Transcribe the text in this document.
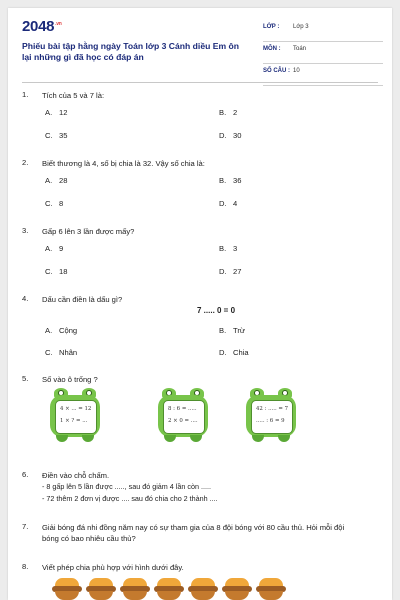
$2048^{.vn}$
Phiếu bài tập hằng ngày Toán lớp 3 Cánh diều Em ôn lại những gì đã học có đáp án
LỚP : Lớp 3
MÔN : Toán
SỐ CÂU : 10
1.	Tích của 5 và 7 là:
A. 12	B. 2
C. 35	D. 30
2.	Biết thương là 4, số bị chia là 32. Vậy số chia là:
A. 28	B. 36
C. 8	D. 4
3.	Gấp 6 lên 3 lần được mấy?
A. 9	B. 3
C. 18	D. 27
4.	Dấu cần điền là dấu gì?
7 ..... 0 = 0
A. Cộng	B. Trừ
C. Nhân	D. Chia
5.	Số vào ô trống ?
4 × ... = 12
1 × ? = ...
8 : 6 = .....
2 × 0 = ....
42 : ..... = 7
..... : 6 = 9
6.	Điền vào chỗ chấm.
- 8 gấp lên 5 lần được ....., sau đó giảm 4 lần còn .....
- 72 thêm 2 đơn vị được .... sau đó chia cho 2 thành ....
7.	Giải bóng đá nhi đồng năm nay có sự tham gia của 8 đội bóng với 80 cầu thủ. Hỏi mỗi đội bóng có bao nhiêu cầu thủ?
8.	Viết phép chia phù hợp với hình dưới đây.
